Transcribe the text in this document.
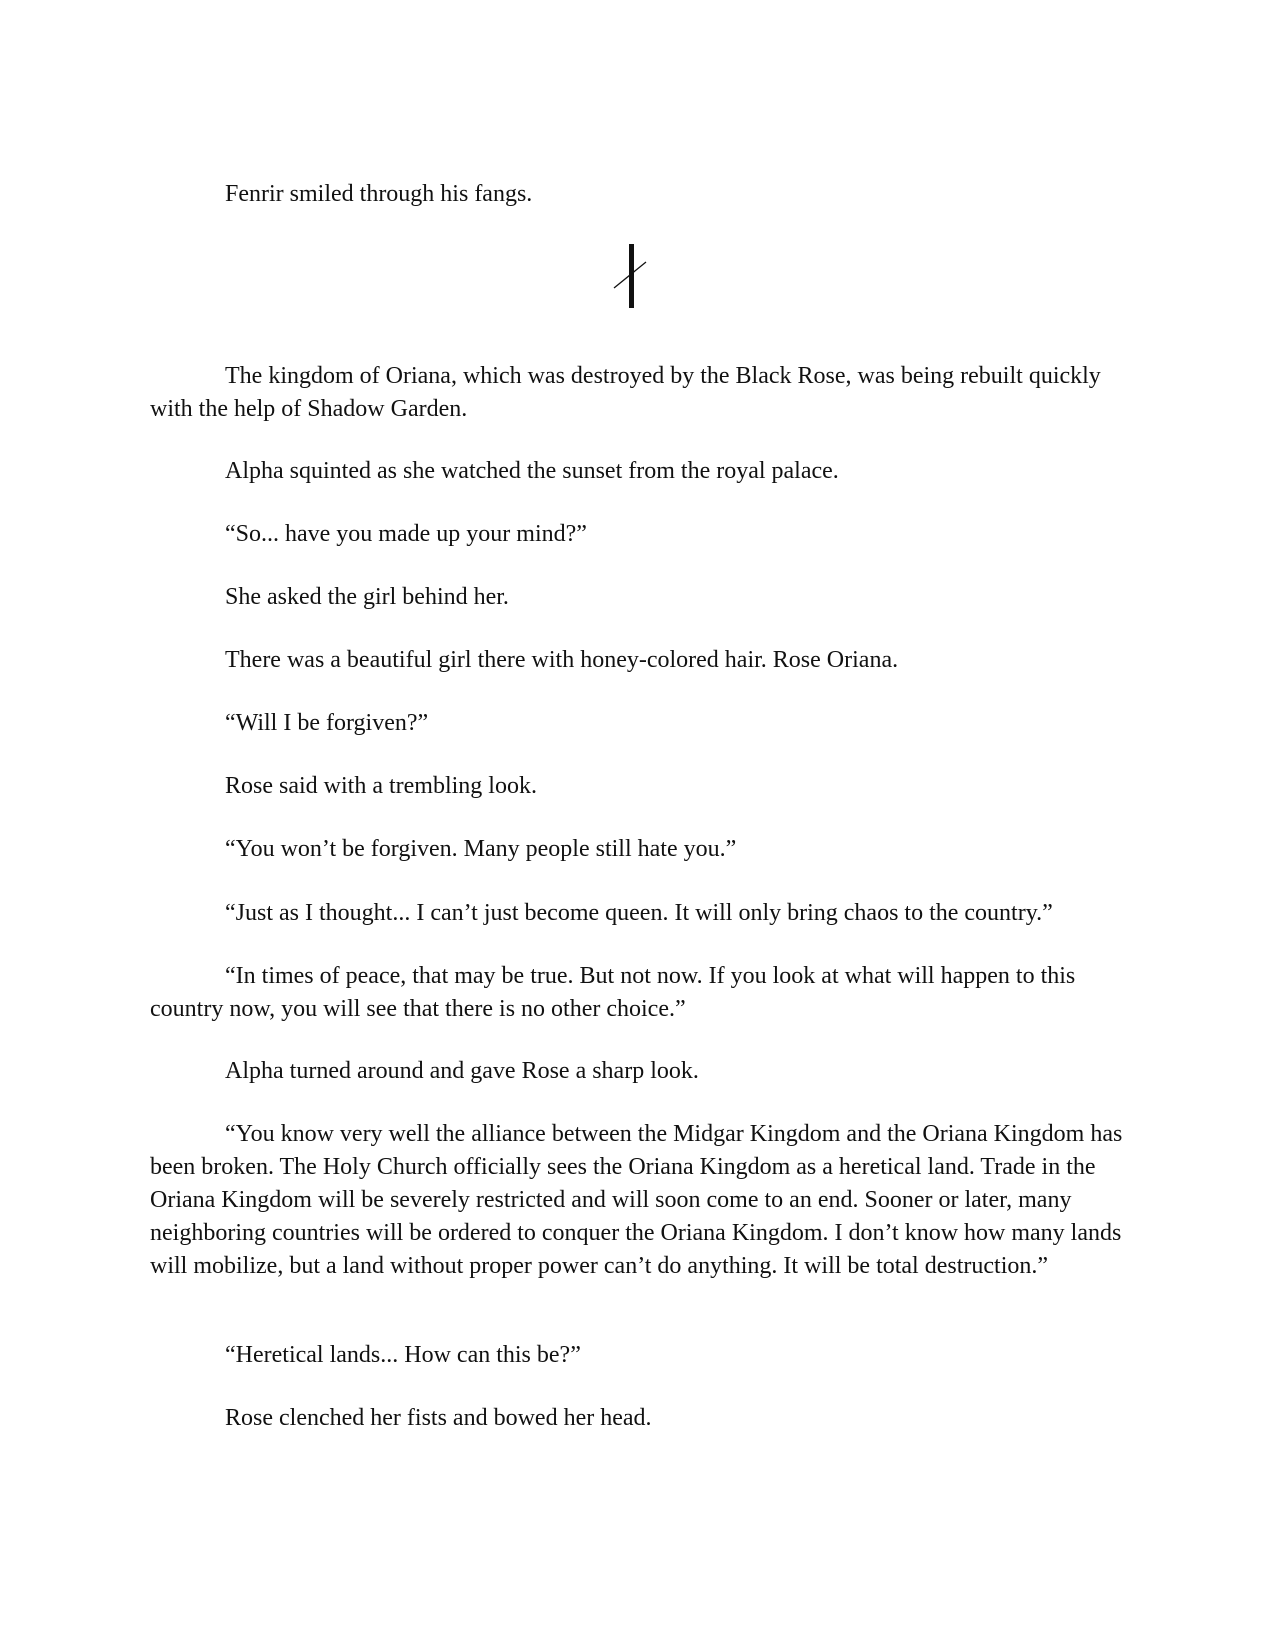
Fenrir smiled through his fangs.

The kingdom of Oriana, which was destroyed by the Black Rose, was being rebuilt quickly with the help of Shadow Garden.

Alpha squinted as she watched the sunset from the royal palace.

“So... have you made up your mind?”

She asked the girl behind her.

There was a beautiful girl there with honey-colored hair. Rose Oriana.

“Will I be forgiven?”

Rose said with a trembling look.

“You won’t be forgiven. Many people still hate you.”

“Just as I thought... I can’t just become queen. It will only bring chaos to the country.”

“In times of peace, that may be true. But not now. If you look at what will happen to this country now, you will see that there is no other choice.”

Alpha turned around and gave Rose a sharp look.

“You know very well the alliance between the Midgar Kingdom and the Oriana Kingdom has been broken. The Holy Church officially sees the Oriana Kingdom as a heretical land. Trade in the Oriana Kingdom will be severely restricted and will soon come to an end. Sooner or later, many neighboring countries will be ordered to conquer the Oriana Kingdom. I don’t know how many lands will mobilize, but a land without proper power can’t do anything. It will be total destruction.”

“Heretical lands... How can this be?”

Rose clenched her fists and bowed her head.
